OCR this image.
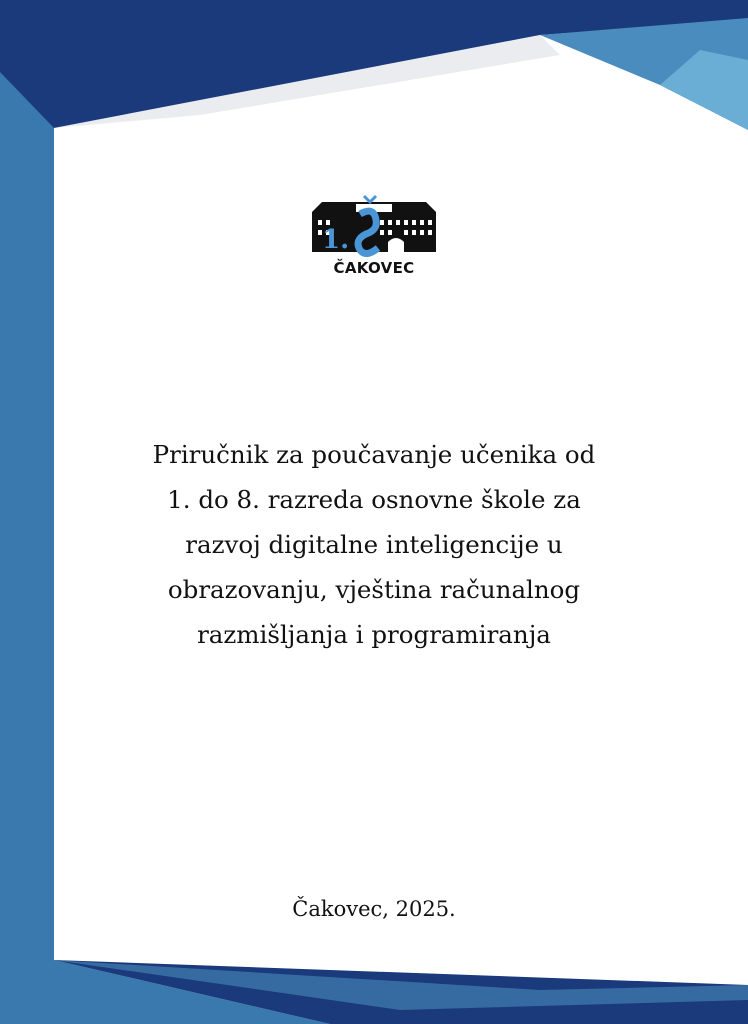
1.
ČAKOVEC
Priručnik za poučavanje učenika od
1. do 8. razreda osnovne škole za
razvoj digitalne inteligencije u
obrazovanju, vještina računalnog
razmišljanja i programiranja
Čakovec, 2025.
